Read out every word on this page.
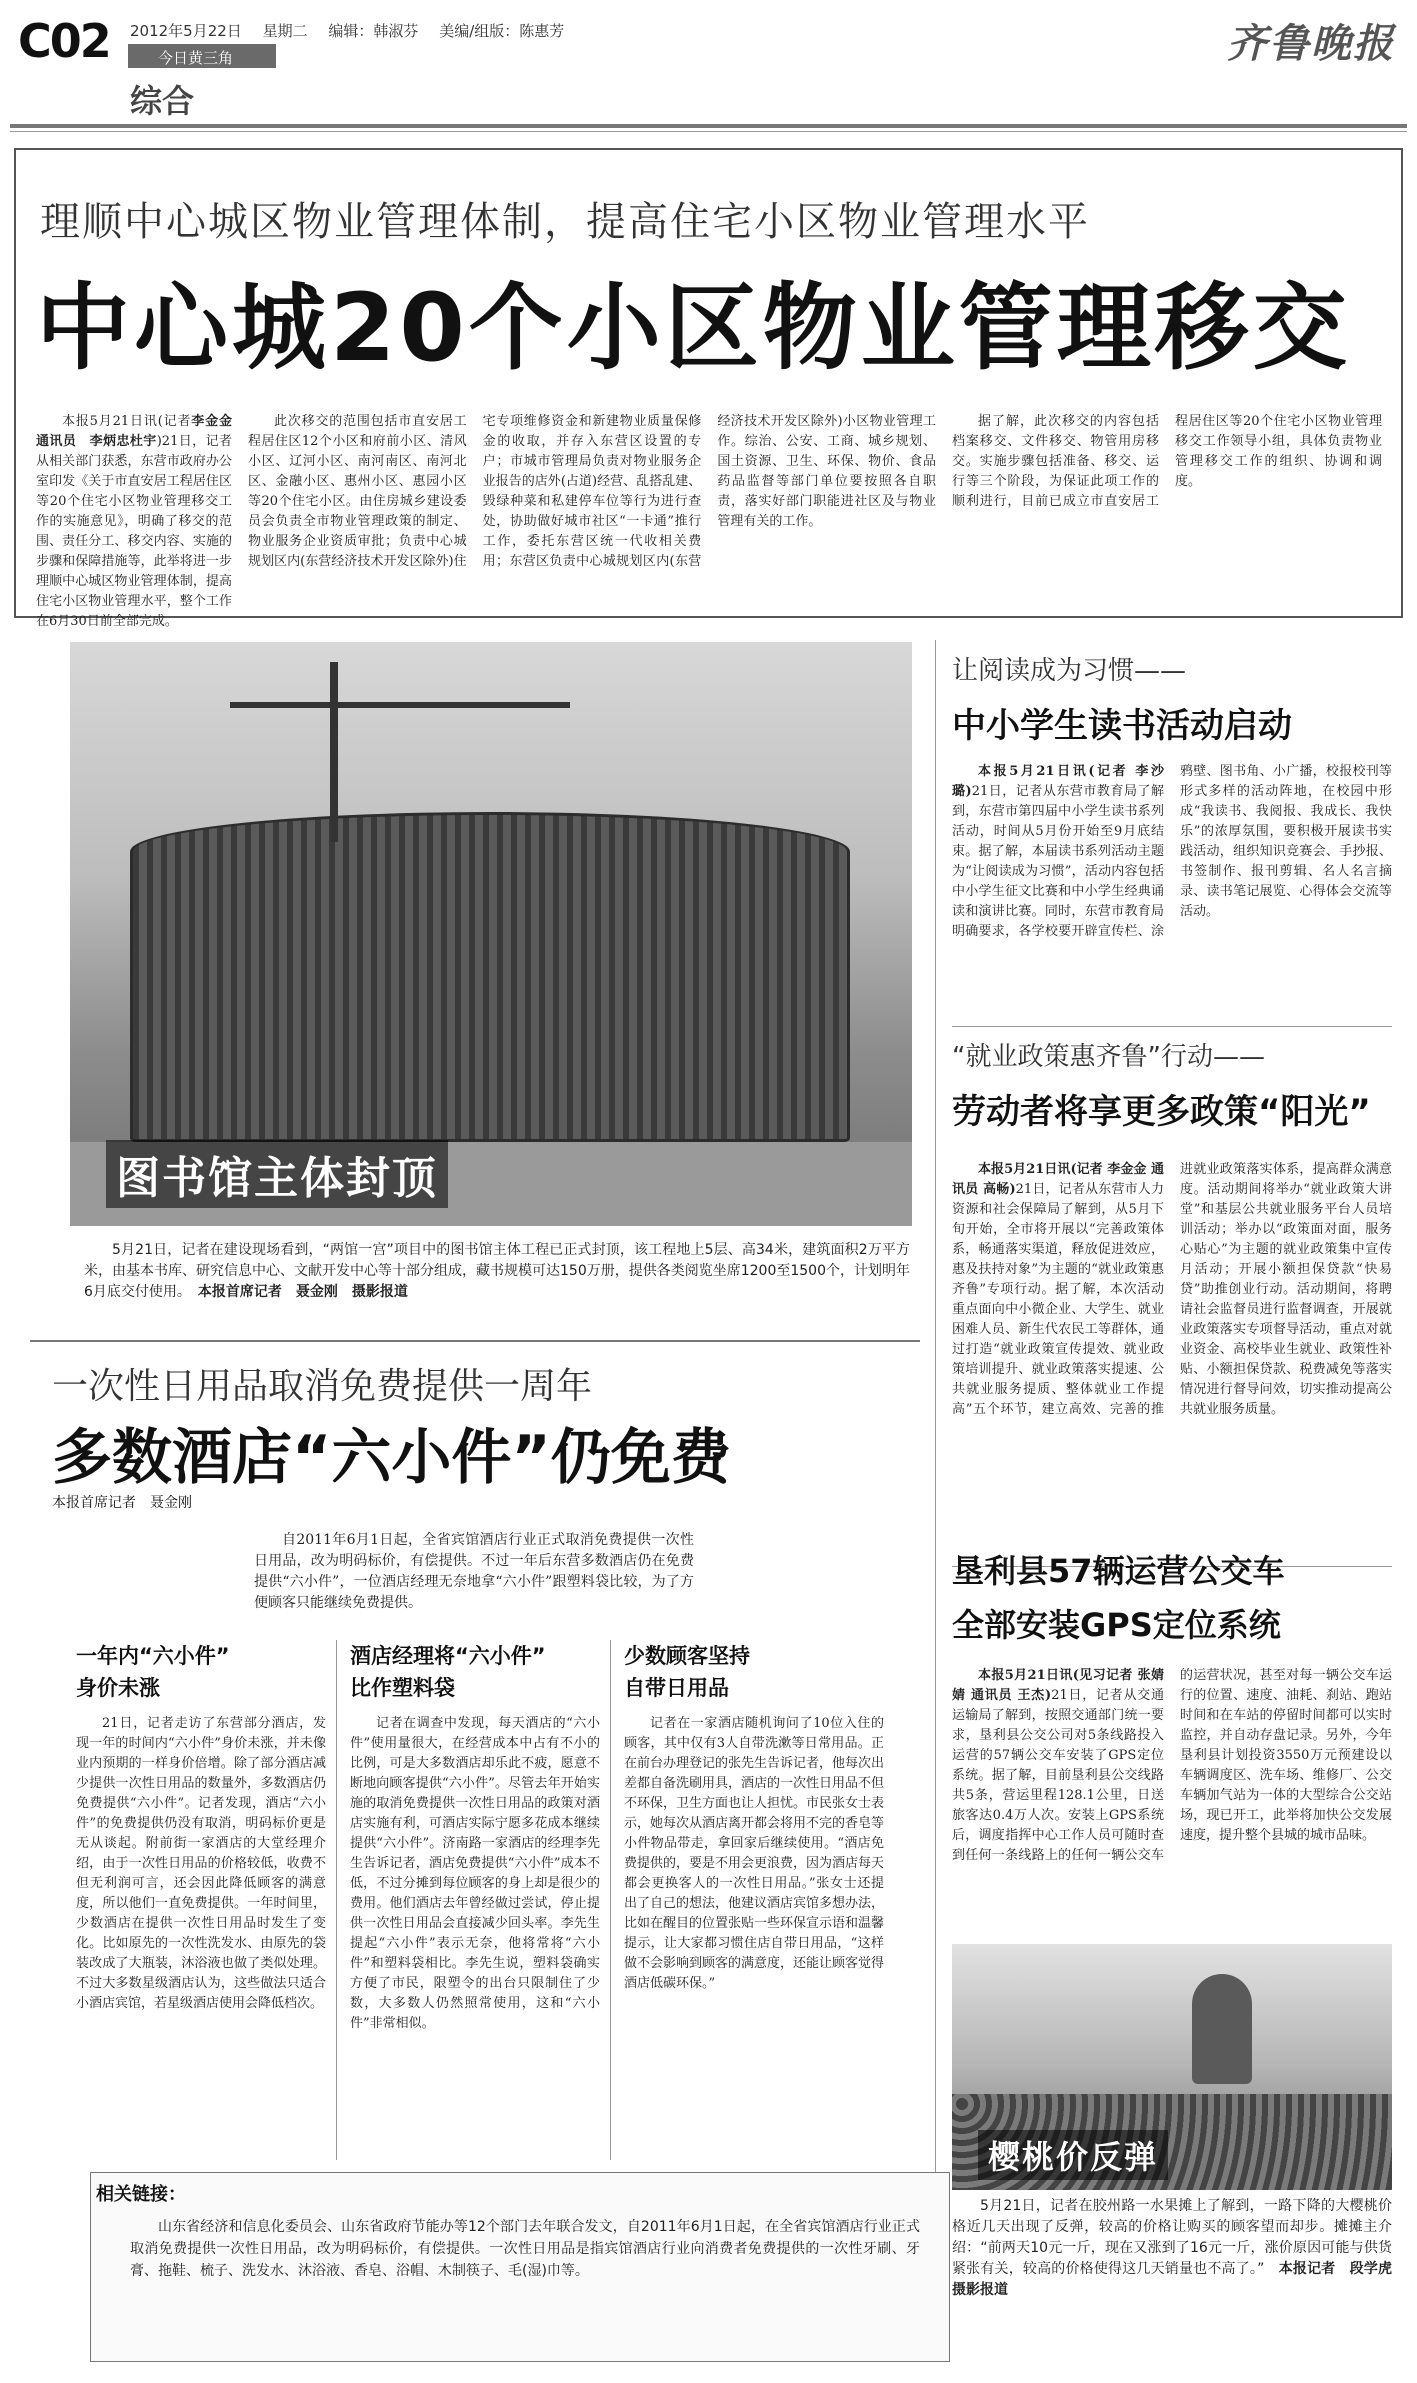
C02 2012年5月22日 星期二 编辑：韩淑芬 美编/组版：陈惠芳
今日黄三角
综合
齐鲁晚报
理顺中心城区物业管理体制，提高住宅小区物业管理水平
中心城20个小区物业管理移交

本报5月21日讯(记者李金金　通讯员　李炳忠杜宇)21日，记者从相关部门获悉，东营市政府办公室印发《关于市直安居工程居住区等20个住宅小区物业管理移交工作的实施意见》，明确了移交的范围、责任分工、移交内容、实施的步骤和保障措施等，此举将进一步理顺中心城区物业管理体制，提高住宅小区物业管理水平，整个工作在6月30日前全部完成。

此次移交的范围包括市直安居工程居住区12个小区和府前小区、清风小区、辽河小区、南河南区、南河北区、金融小区、惠州小区、惠园小区等20个住宅小区。由住房城乡建设委员会负责全市物业管理政策的制定、物业服务企业资质审批；负责中心城规划区内(东营经济技术开发区除外)住宅专项维修资金和新建物业质量保修金的收取，并存入东营区设置的专户；市城市管理局负责对物业服务企业报告的店外(占道)经营、乱搭乱建、毁绿种菜和私建停车位等行为进行查处，协助做好城市社区“一卡通”推行工作，委托东营区统一代收相关费用；东营区负责中心城规划区内(东营经济技术开发区除外)小区物业管理工作。综治、公安、工商、城乡规划、国土资源、卫生、环保、物价、食品药品监督等部门单位要按照各自职责，落实好部门职能进社区及与物业管理有关的工作。

据了解，此次移交的内容包括档案移交、文件移交、物管用房移交。实施步骤包括准备、移交、运行等三个阶段，为保证此项工作的顺利进行，目前已成立市直安居工程居住区等20个住宅小区物业管理移交工作领导小组，具体负责物业管理移交工作的组织、协调和调度。

图书馆主体封顶

5月21日，记者在建设现场看到，“两馆一宫”项目中的图书馆主体工程已正式封顶，该工程地上5层、高34米，建筑面积2万平方米，由基本书库、研究信息中心、文献开发中心等十部分组成，藏书规模可达150万册，提供各类阅览坐席1200至1500个，计划明年6月底交付使用。　 本报首席记者　聂金刚　摄影报道

让阅读成为习惯——
中小学生读书活动启动

本报5月21日讯(记者 李沙璐)21日，记者从东营市教育局了解到，东营市第四届中小学生读书系列活动，时间从5月份开始至9月底结束。据了解，本届读书系列活动主题为“让阅读成为习惯”，活动内容包括中小学生征文比赛和中小学生经典诵读和演讲比赛。同时，东营市教育局明确要求，各学校要开辟宣传栏、涂鸦壁、图书角、小广播，校报校刊等形式多样的活动阵地，在校园中形成“我读书、我阅报、我成长、我快乐”的浓厚氛围，要积极开展读书实践活动，组织知识竞赛会、手抄报、书签制作、报刊剪辑、名人名言摘录、读书笔记展览、心得体会交流等活动。

“就业政策惠齐鲁”行动——
劳动者将享更多政策“阳光”

本报5月21日讯(记者 李金金 通讯员 高畅)21日，记者从东营市人力资源和社会保障局了解到，从5月下旬开始，全市将开展以“完善政策体系，畅通落实渠道，释放促进效应，惠及扶持对象”为主题的“就业政策惠齐鲁”专项行动。据了解，本次活动重点面向中小微企业、大学生、就业困难人员、新生代农民工等群体，通过打造“就业政策宣传提效、就业政策培训提升、就业政策落实提速、公共就业服务提质、整体就业工作提高”五个环节，建立高效、完善的推进就业政策落实体系，提高群众满意度。活动期间将举办“就业政策大讲堂”和基层公共就业服务平台人员培训活动；举办以“政策面对面，服务心贴心”为主题的就业政策集中宣传月活动；开展小额担保贷款“快易贷”助推创业行动。活动期间，将聘请社会监督员进行监督调查，开展就业政策落实专项督导活动，重点对就业资金、高校毕业生就业、政策性补贴、小额担保贷款、税费减免等落实情况进行督导问效，切实推动提高公共就业服务质量。

垦利县57辆运营公交车
全部安装GPS定位系统

本报5月21日讯(见习记者 张婧婧 通讯员 王杰)21日，记者从交通运输局了解到，按照交通部门统一要求，垦利县公交公司对5条线路投入运营的57辆公交车安装了GPS定位系统。据了解，目前垦利县公交线路共5条，营运里程128.1公里，日送旅客达0.4万人次。安装上GPS系统后，调度指挥中心工作人员可随时查到任何一条线路上的任何一辆公交车的运营状况，甚至对每一辆公交车运行的位置、速度、油耗、刹站、跑站时间和在车站的停留时间都可以实时监控，并自动存盘记录。另外，今年垦利县计划投资3550万元预建设以车辆调度区、洗车场、维修厂、公交车辆加气站为一体的大型综合公交站场，现已开工，此举将加快公交发展速度，提升整个县城的城市品味。

樱桃价反弹

5月21日，记者在胶州路一水果摊上了解到，一路下降的大樱桃价格近几天出现了反弹，较高的价格让购买的顾客望而却步。摊摊主介绍：“前两天10元一斤，现在又涨到了16元一斤，涨价原因可能与供货紧张有关，较高的价格使得这几天销量也不高了。”　 本报记者　段学虎　摄影报道

一次性日用品取消免费提供一周年
多数酒店“六小件”仍免费
本报首席记者　聂金刚

自2011年6月1日起，全省宾馆酒店行业正式取消免费提供一次性日用品，改为明码标价，有偿提供。不过一年后东营多数酒店仍在免费提供“六小件”，一位酒店经理无奈地拿“六小件”跟塑料袋比较，为了方便顾客只能继续免费提供。

一年内“六小件”
身价未涨

21日，记者走访了东营部分酒店，发现一年的时间内“六小件”身价未涨，并未像业内预期的一样身价倍增。除了部分酒店减少提供一次性日用品的数量外，多数酒店仍免费提供“六小件”。记者发现，酒店“六小件”的免费提供仍没有取消，明码标价更是无从谈起。附前街一家酒店的大堂经理介绍，由于一次性日用品的价格较低，收费不但无利润可言，还会因此降低顾客的满意度，所以他们一直免费提供。一年时间里，少数酒店在提供一次性日用品时发生了变化。比如原先的一次性洗发水、由原先的袋装改成了大瓶装，沐浴液也做了类似处理。不过大多数星级酒店认为，这些做法只适合小酒店宾馆，若星级酒店使用会降低档次。

酒店经理将“六小件”
比作塑料袋

记者在调查中发现，每天酒店的“六小件”使用量很大，在经营成本中占有不小的比例，可是大多数酒店却乐此不疲，愿意不断地向顾客提供“六小件”。尽管去年开始实施的取消免费提供一次性日用品的政策对酒店实施有利，可酒店实际宁愿多花成本继续提供“六小件”。济南路一家酒店的经理李先生告诉记者，酒店免费提供“六小件”成本不低，不过分摊到每位顾客的身上却是很少的费用。他们酒店去年曾经做过尝试，停止提供一次性日用品会直接减少回头率。李先生提起“六小件”表示无奈，他将常将“六小件”和塑料袋相比。李先生说，塑料袋确实方便了市民，限塑令的出台只限制住了少数，大多数人仍然照常使用，这和“六小件”非常相似。

少数顾客坚持
自带日用品

记者在一家酒店随机询问了10位入住的顾客，其中仅有3人自带洗漱等日常用品。正在前台办理登记的张先生告诉记者，他每次出差都自备洗刷用具，酒店的一次性日用品不但不环保，卫生方面也让人担忧。市民张女士表示，她每次从酒店离开都会将用不完的香皂等小件物品带走，拿回家后继续使用。“酒店免费提供的，要是不用会更浪费，因为酒店每天都会更换客人的一次性日用品。”张女士还提出了自己的想法，他建议酒店宾馆多想办法，比如在醒目的位置张贴一些环保宣示语和温馨提示，让大家都习惯住店自带日用品，“这样做不会影响到顾客的满意度，还能让顾客觉得酒店低碳环保。”

相关链接：

山东省经济和信息化委员会、山东省政府节能办等12个部门去年联合发文，自2011年6月1日起，在全省宾馆酒店行业正式取消免费提供一次性日用品，改为明码标价，有偿提供。一次性日用品是指宾馆酒店行业向消费者免费提供的一次性牙刷、牙膏、拖鞋、梳子、洗发水、沐浴液、香皂、浴帽、木制筷子、毛(湿)巾等。
